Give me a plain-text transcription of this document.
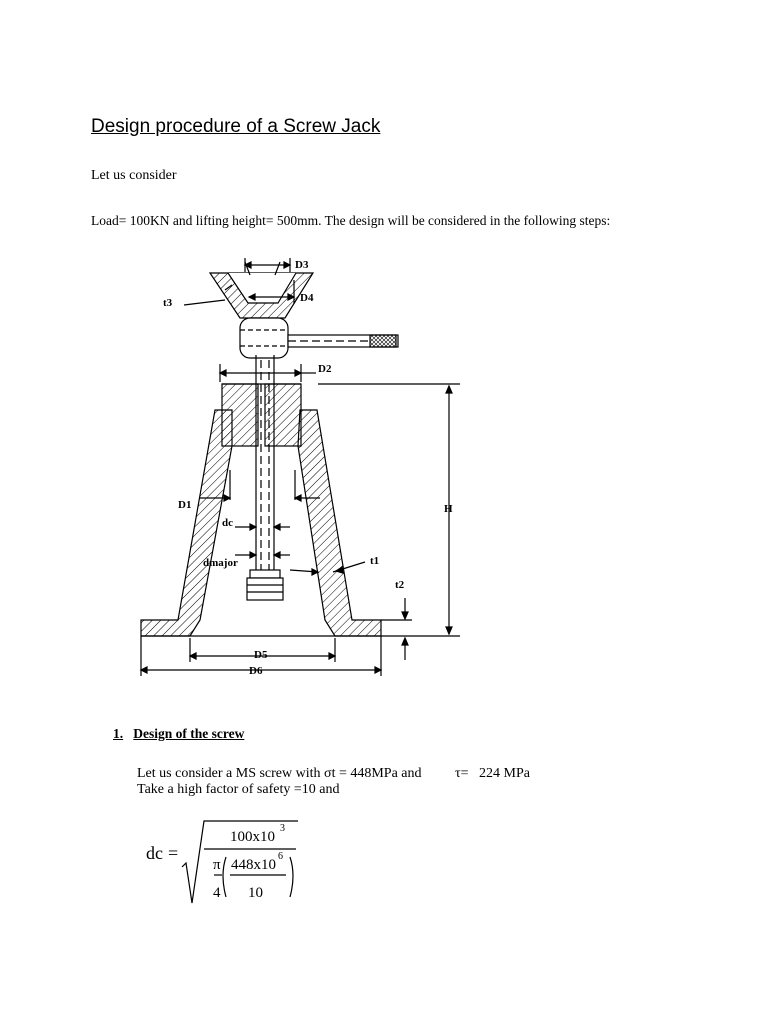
Design procedure of a Screw Jack
Let us consider
Load= 100KN and lifting height= 500mm. The design will be considered in the following steps:
D3
D4
t3
D2
H
D1
dc
dmajor	t1
t2
D5
D6
1. Design of the screw
Let us consider a MS screw with σt = 448MPa and τ= 224 MPa
Take a high factor of safety =10 and
dc =
100x10
3
π
4
448x10
6
10
